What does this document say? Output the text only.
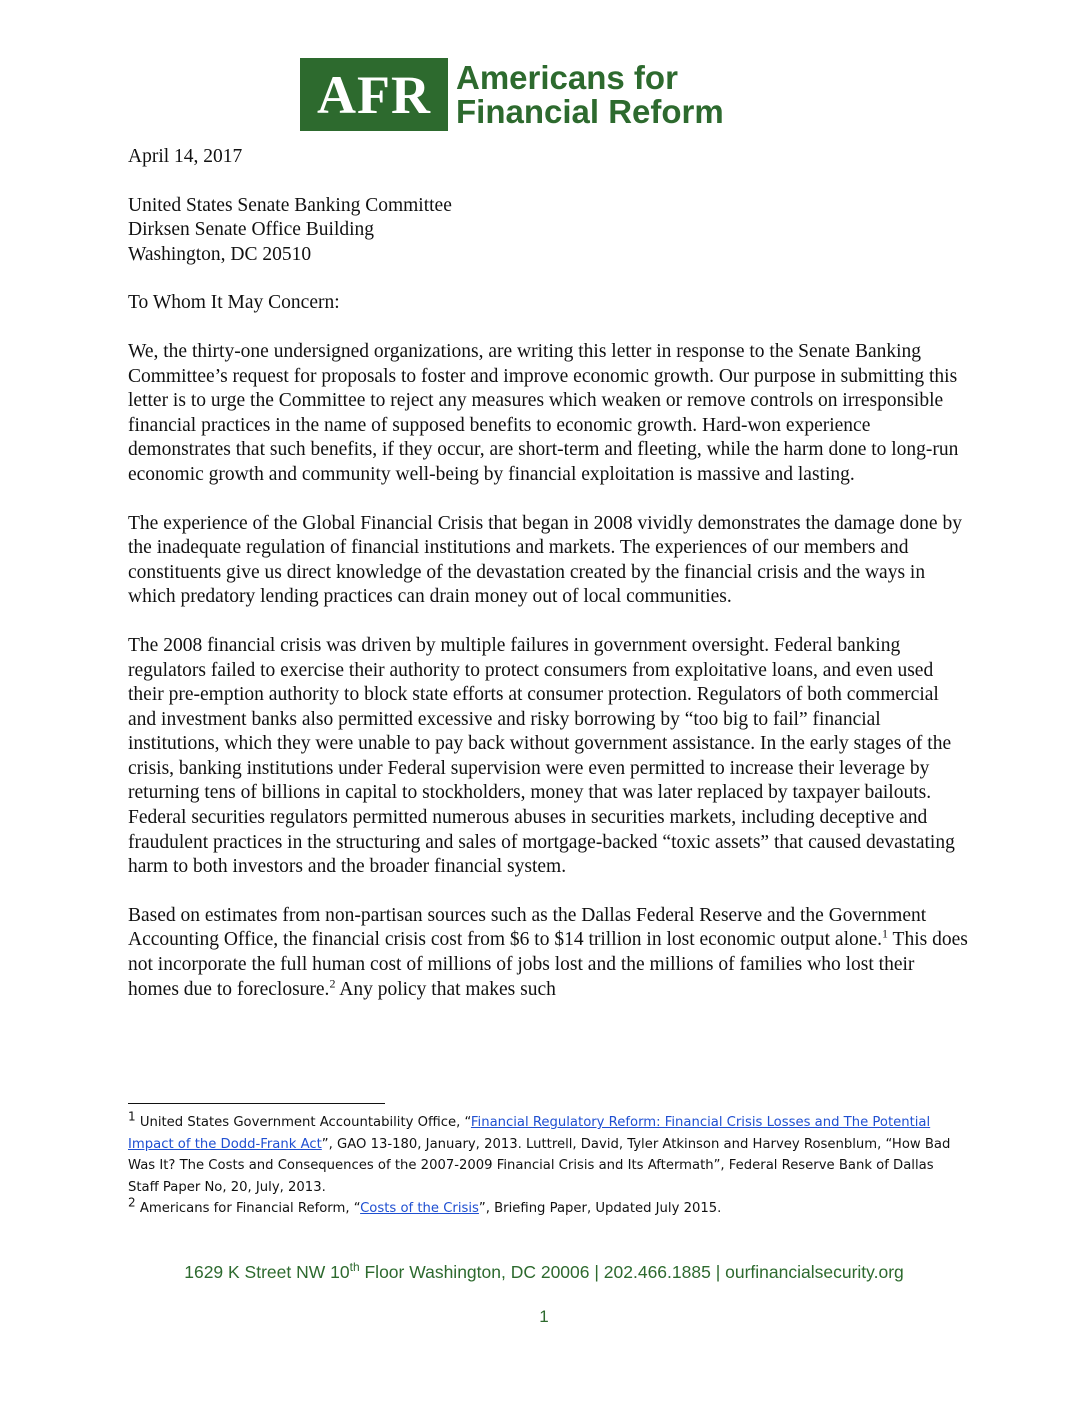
AFR Americans for
Financial Reform

April 14, 2017

United States Senate Banking Committee
Dirksen Senate Office Building
Washington, DC 20510

To Whom It May Concern:

We, the thirty-one undersigned organizations, are writing this letter in response to the Senate Banking Committee’s request for proposals to foster and improve economic growth. Our purpose in submitting this letter is to urge the Committee to reject any measures which weaken or remove controls on irresponsible financial practices in the name of supposed benefits to economic growth. Hard-won experience demonstrates that such benefits, if they occur, are short-term and fleeting, while the harm done to long-run economic growth and community well-being by financial exploitation is massive and lasting.

The experience of the Global Financial Crisis that began in 2008 vividly demonstrates the damage done by the inadequate regulation of financial institutions and markets. The experiences of our members and constituents give us direct knowledge of the devastation created by the financial crisis and the ways in which predatory lending practices can drain money out of local communities.

The 2008 financial crisis was driven by multiple failures in government oversight. Federal banking regulators failed to exercise their authority to protect consumers from exploitative loans, and even used their pre-emption authority to block state efforts at consumer protection. Regulators of both commercial and investment banks also permitted excessive and risky borrowing by “too big to fail” financial institutions, which they were unable to pay back without government assistance. In the early stages of the crisis, banking institutions under Federal supervision were even permitted to increase their leverage by returning tens of billions in capital to stockholders, money that was later replaced by taxpayer bailouts. Federal securities regulators permitted numerous abuses in securities markets, including deceptive and fraudulent practices in the structuring and sales of mortgage-backed “toxic assets” that caused devastating harm to both investors and the broader financial system.

Based on estimates from non-partisan sources such as the Dallas Federal Reserve and the Government Accounting Office, the financial crisis cost from $6 to $14 trillion in lost economic output alone.$^1$ This does not incorporate the full human cost of millions of jobs lost and the millions of families who lost their homes due to foreclosure.$^2$ Any policy that makes such

$^1$ United States Government Accountability Office, “Financial Regulatory Reform: Financial Crisis Losses and The Potential Impact of the Dodd-Frank Act”, GAO 13-180, January, 2013. Luttrell, David, Tyler Atkinson and Harvey Rosenblum, “How Bad Was It? The Costs and Consequences of the 2007-2009 Financial Crisis and Its Aftermath”, Federal Reserve Bank of Dallas Staff Paper No, 20, July, 2013.

$^2$ Americans for Financial Reform, “Costs of the Crisis”, Briefing Paper, Updated July 2015.

1629 K Street NW 10th Floor Washington, DC 20006 | 202.466.1885 | ourfinancialsecurity.org
1
